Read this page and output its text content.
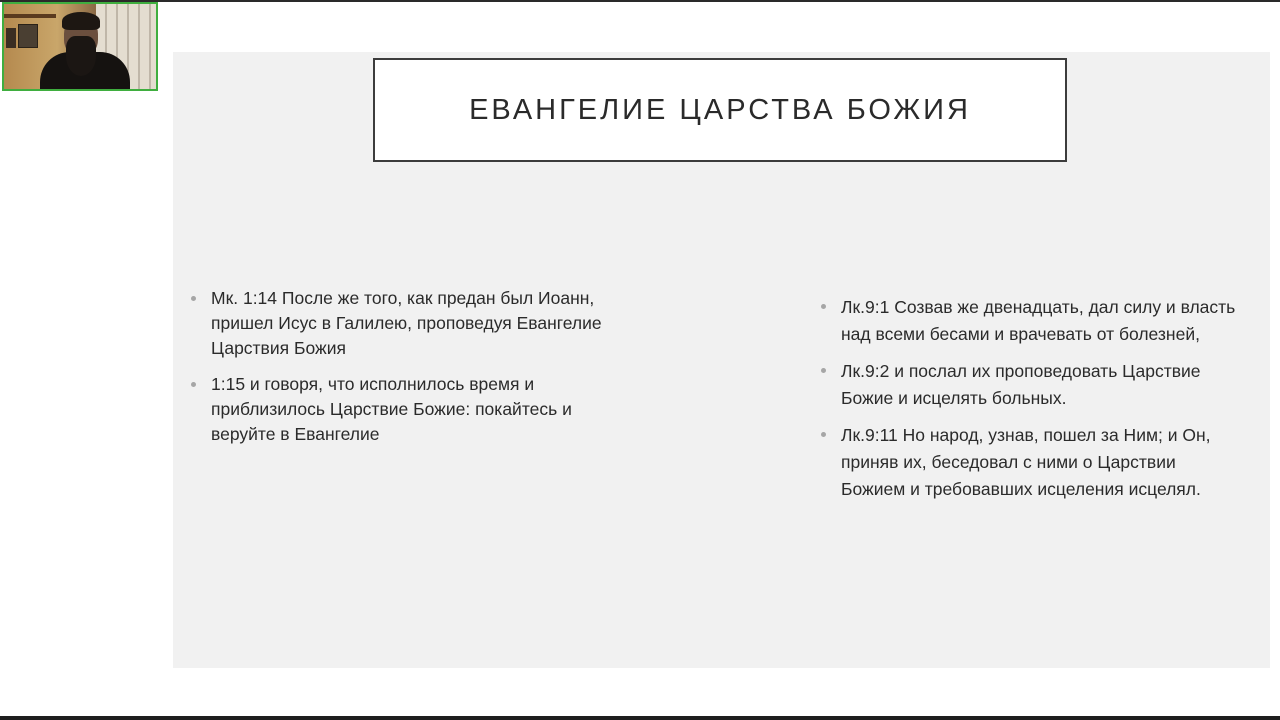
ЕВАНГЕЛИЕ ЦАРСТВА БОЖИЯ
Мк. 1:14 После же того, как предан был Иоанн, пришел Исус в Галилею, проповедуя Евангелие Царствия Божия
1:15 и говоря, что исполнилось время и приблизилось Царствие Божие: покайтесь и веруйте в Евангелие
Лк.9:1 Созвав же двенадцать, дал силу и власть над всеми бесами и врачевать от болезней,
Лк.9:2 и послал их проповедовать Царствие Божие и исцелять больных.
Лк.9:11 Но народ, узнав, пошел за Ним; и Он, приняв их, беседовал с ними о Царствии Божием и требовавших исцеления исцелял.
